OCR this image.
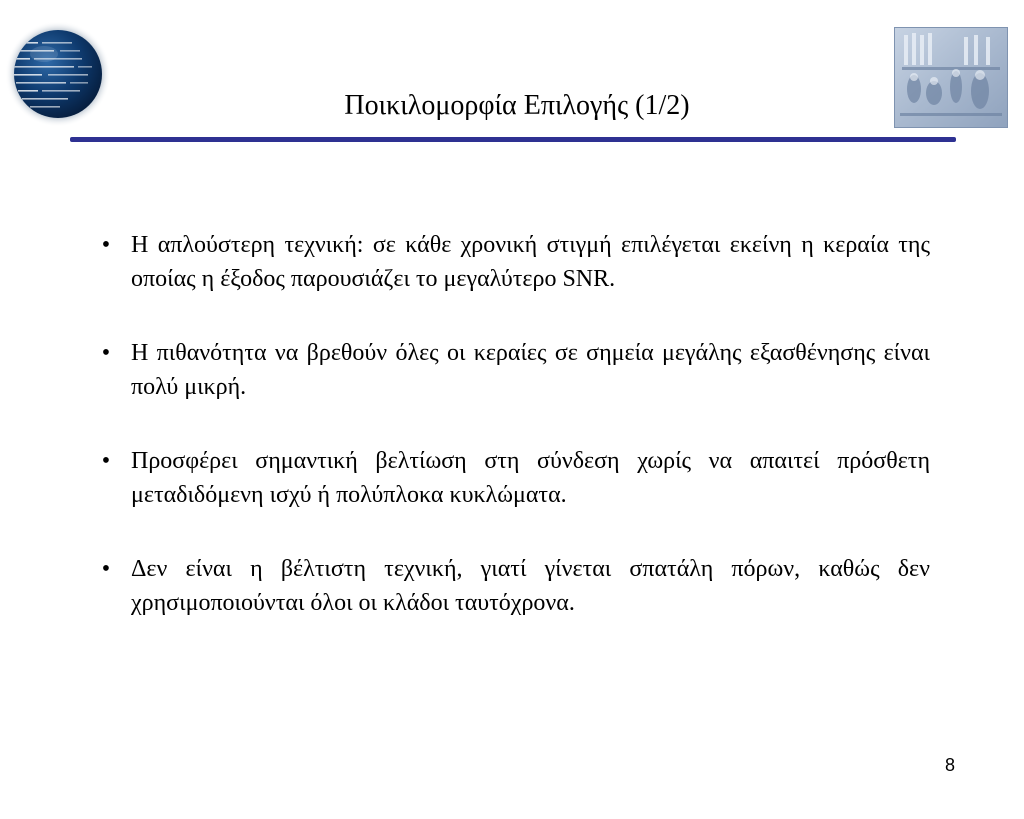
Ποικιλομορφία Επιλογής (1/2)
• Η απλούστερη τεχνική: σε κάθε χρονική στιγμή επιλέγεται εκείνη η κεραία της οποίας η έξοδος παρουσιάζει το μεγαλύτερο SNR.
• Η πιθανότητα να βρεθούν όλες οι κεραίες σε σημεία μεγάλης εξασθένησης είναι πολύ μικρή.
• Προσφέρει σημαντική βελτίωση στη σύνδεση χωρίς να απαιτεί πρόσθετη μεταδιδόμενη ισχύ ή πολύπλοκα κυκλώματα.
• Δεν είναι η βέλτιστη τεχνική, γιατί γίνεται σπατάλη πόρων, καθώς δεν χρησιμοποιούνται όλοι οι κλάδοι ταυτόχρονα.
8
